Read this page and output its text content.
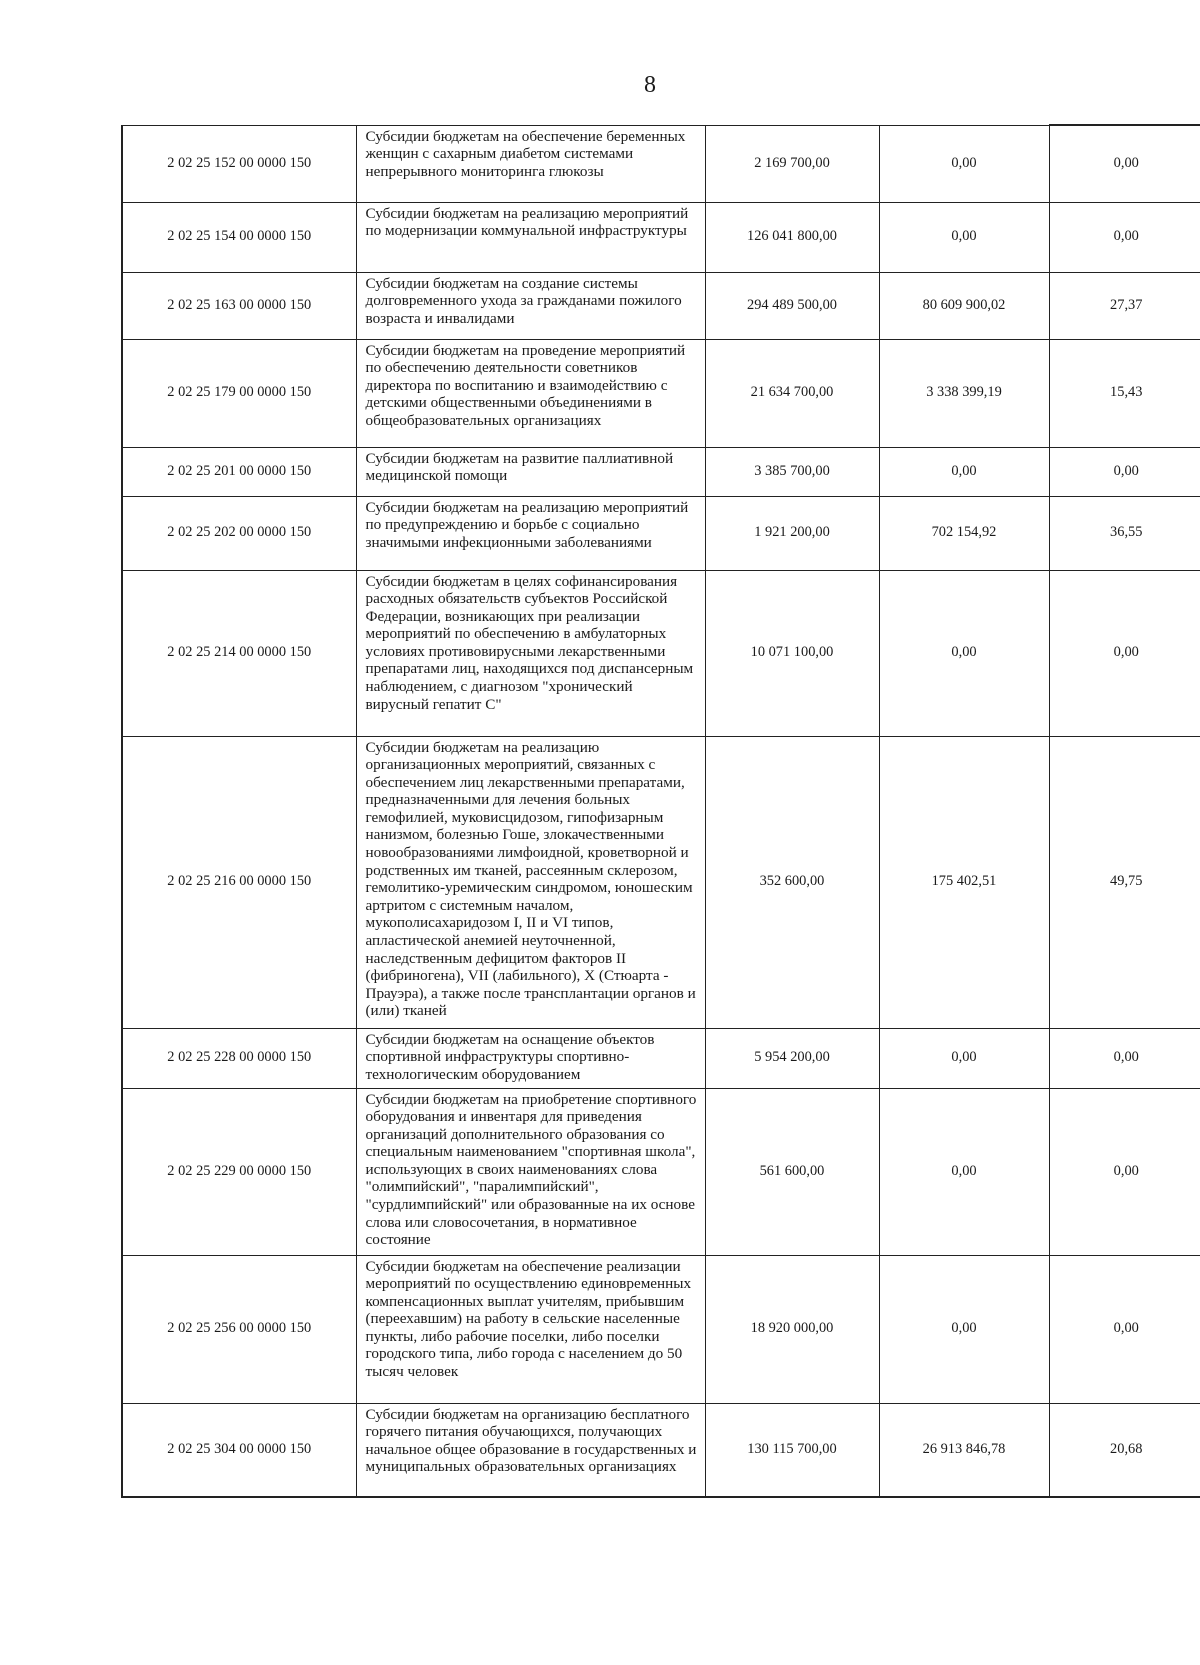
8
2 02 25 152 00 0000 150	Субсидии бюджетам на обеспечение беременных женщин с сахарным диабетом системами непрерывного мониторинга глюкозы	2 169 700,00	0,00	0,00
2 02 25 154 00 0000 150	Субсидии бюджетам на реализацию мероприятий по модернизации коммунальной инфраструктуры	126 041 800,00	0,00	0,00
2 02 25 163 00 0000 150	Субсидии бюджетам на создание системы долговременного ухода за гражданами пожилого возраста и инвалидами	294 489 500,00	80 609 900,02	27,37
2 02 25 179 00 0000 150	Субсидии бюджетам на проведение мероприятий по обеспечению деятельности советников директора по воспитанию и взаимодействию с детскими общественными объединениями в общеобразовательных организациях	21 634 700,00	3 338 399,19	15,43
2 02 25 201 00 0000 150	Субсидии бюджетам на развитие паллиативной медицинской помощи	3 385 700,00	0,00	0,00
2 02 25 202 00 0000 150	Субсидии бюджетам на реализацию мероприятий по предупреждению и борьбе с социально значимыми инфекционными заболеваниями	1 921 200,00	702 154,92	36,55
2 02 25 214 00 0000 150	Субсидии бюджетам в целях софинансирования расходных обязательств субъектов Российской Федерации, возникающих при реализации мероприятий по обеспечению в амбулаторных условиях противовирусными лекарственными препаратами лиц, находящихся под диспансерным наблюдением, с диагнозом "хронический вирусный гепатит C"	10 071 100,00	0,00	0,00
2 02 25 216 00 0000 150	Субсидии бюджетам на реализацию организационных мероприятий, связанных с обеспечением лиц лекарственными препаратами, предназначенными для лечения больных гемофилией, муковисцидозом, гипофизарным нанизмом, болезнью Гоше, злокачественными новообразованиями лимфоидной, кроветворной и родственных им тканей, рассеянным склерозом, гемолитико-уремическим синдромом, юношеским артритом с системным началом, мукополисахаридозом I, II и VI типов, апластической анемией неуточненной, наследственным дефицитом факторов II (фибриногена), VII (лабильного), X (Стюарта - Прауэра), а также после трансплантации органов и (или) тканей	352 600,00	175 402,51	49,75
2 02 25 228 00 0000 150	Субсидии бюджетам на оснащение объектов спортивной инфраструктуры спортивно-технологическим оборудованием	5 954 200,00	0,00	0,00
2 02 25 229 00 0000 150	Субсидии бюджетам на приобретение спортивного оборудования и инвентаря для приведения организаций дополнительного образования со специальным наименованием "спортивная школа", использующих в своих наименованиях слова "олимпийский", "паралимпийский", "сурдлимпийский" или образованные на их основе слова или словосочетания, в нормативное состояние	561 600,00	0,00	0,00
2 02 25 256 00 0000 150	Субсидии бюджетам на обеспечение реализации мероприятий по осуществлению единовременных компенсационных выплат учителям, прибывшим (переехавшим) на работу в сельские населенные пункты, либо рабочие поселки, либо поселки городского типа, либо города с населением до 50 тысяч человек	18 920 000,00	0,00	0,00
2 02 25 304 00 0000 150	Субсидии бюджетам на организацию бесплатного горячего питания обучающихся, получающих начальное общее образование в государственных и муниципальных образовательных организациях	130 115 700,00	26 913 846,78	20,68
